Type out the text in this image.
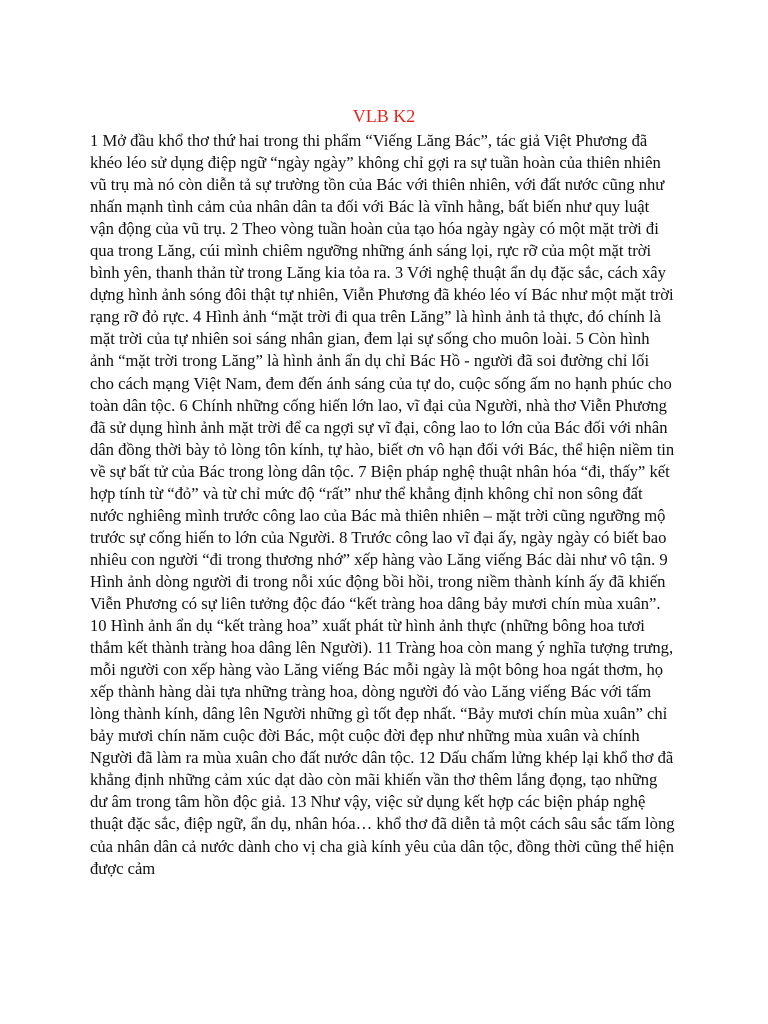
VLB K2

1 Mở đầu khổ thơ thứ hai trong thi phẩm “Viếng Lăng Bác”, tác giả Việt Phương đã khéo léo sử dụng điệp ngữ “ngày ngày” không chỉ gợi ra sự tuần hoàn của thiên nhiên vũ trụ mà nó còn diễn tả sự trường tồn của Bác với thiên nhiên, với đất nước cũng như nhấn mạnh tình cảm của nhân dân ta đối với Bác là vĩnh hằng, bất biến như quy luật vận động của vũ trụ. 2 Theo vòng tuần hoàn của tạo hóa ngày ngày có một mặt trời đi qua trong Lăng, cúi mình chiêm ngưỡng những ánh sáng lọi, rực rỡ của một mặt trời bình yên, thanh thản từ trong Lăng kia tỏa ra. 3 Với nghệ thuật ẩn dụ đặc sắc, cách xây dựng hình ảnh sóng đôi thật tự nhiên, Viễn Phương đã khéo léo ví Bác như một mặt trời rạng rỡ đỏ rực. 4 Hình ảnh “mặt trời đi qua trên Lăng” là hình ảnh tả thực, đó chính là mặt trời của tự nhiên soi sáng nhân gian, đem lại sự sống cho muôn loài. 5 Còn hình ảnh “mặt trời trong Lăng” là hình ảnh ẩn dụ chỉ Bác Hồ - người đã soi đường chỉ lối cho cách mạng Việt Nam, đem đến ánh sáng của tự do, cuộc sống ấm no hạnh phúc cho toàn dân tộc. 6 Chính những cống hiến lớn lao, vĩ đại của Người, nhà thơ Viễn Phương đã sử dụng hình ảnh mặt trời để ca ngợi sự vĩ đại, công lao to lớn của Bác đối với nhân dân đồng thời bày tỏ lòng tôn kính, tự hào, biết ơn vô hạn đối với Bác, thể hiện niềm tin về sự bất tử của Bác trong lòng dân tộc. 7 Biện pháp nghệ thuật nhân hóa “đi, thấy” kết hợp tính từ “đỏ” và từ chỉ mức độ “rất” như thể khẳng định không chỉ non sông đất nước nghiêng mình trước công lao của Bác mà thiên nhiên – mặt trời cũng ngưỡng mộ trước sự cống hiến to lớn của Người. 8 Trước công lao vĩ đại ấy, ngày ngày có biết bao nhiêu con người “đi trong thương nhớ” xếp hàng vào Lăng viếng Bác dài như vô tận. 9 Hình ảnh dòng người đi trong nỗi xúc động bồi hồi, trong niềm thành kính ấy đã khiến Viễn Phương có sự liên tưởng độc đáo “kết tràng hoa dâng bảy mươi chín mùa xuân”. 10 Hình ảnh ẩn dụ “kết tràng hoa” xuất phát từ hình ảnh thực (những bông hoa tươi thắm kết thành tràng hoa dâng lên Người). 11 Tràng hoa còn mang ý nghĩa tượng trưng, mỗi người con xếp hàng vào Lăng viếng Bác mỗi ngày là một bông hoa ngát thơm, họ xếp thành hàng dài tựa những tràng hoa, dòng người đó vào Lăng viếng Bác với tấm lòng thành kính, dâng lên Người những gì tốt đẹp nhất. “Bảy mươi chín mùa xuân” chỉ bảy mươi chín năm cuộc đời Bác, một cuộc đời đẹp như những mùa xuân và chính Người đã làm ra mùa xuân cho đất nước dân tộc. 12 Dấu chấm lửng khép lại khổ thơ đã khẳng định những cảm xúc dạt dào còn mãi khiến vần thơ thêm lắng đọng, tạo những dư âm trong tâm hồn độc giả. 13 Như vậy, việc sử dụng kết hợp các biện pháp nghệ thuật đặc sắc, điệp ngữ, ẩn dụ, nhân hóa… khổ thơ đã diễn tả một cách sâu sắc tấm lòng của nhân dân cả nước dành cho vị cha già kính yêu của dân tộc, đồng thời cũng thể hiện được cảm
